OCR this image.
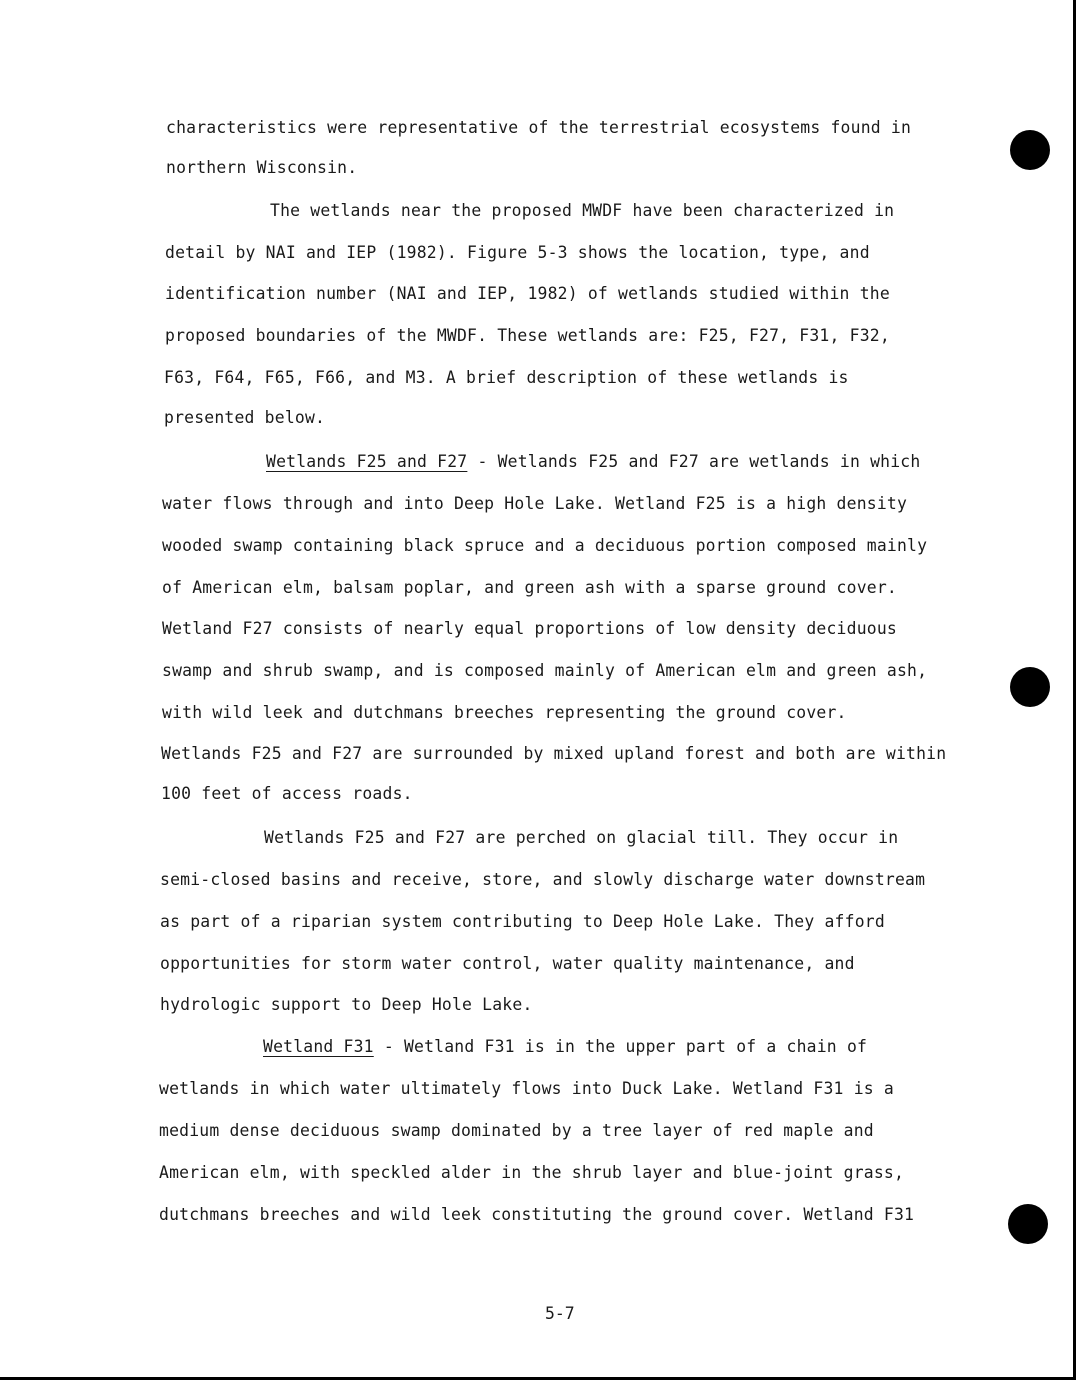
characteristics were representative of the terrestrial ecosystems found in
northern Wisconsin.
The wetlands near the proposed MWDF have been characterized in
detail by NAI and IEP (1982). Figure 5-3 shows the location, type, and
identification number (NAI and IEP, 1982) of wetlands studied within the
proposed boundaries of the MWDF. These wetlands are: F25, F27, F31, F32,
F63, F64, F65, F66, and M3. A brief description of these wetlands is
presented below.
Wetlands F25 and F27 - Wetlands F25 and F27 are wetlands in which
water flows through and into Deep Hole Lake. Wetland F25 is a high density
wooded swamp containing black spruce and a deciduous portion composed mainly
of American elm, balsam poplar, and green ash with a sparse ground cover.
Wetland F27 consists of nearly equal proportions of low density deciduous
swamp and shrub swamp, and is composed mainly of American elm and green ash,
with wild leek and dutchmans breeches representing the ground cover.
Wetlands F25 and F27 are surrounded by mixed upland forest and both are within
100 feet of access roads.
Wetlands F25 and F27 are perched on glacial till. They occur in
semi-closed basins and receive, store, and slowly discharge water downstream
as part of a riparian system contributing to Deep Hole Lake. They afford
opportunities for storm water control, water quality maintenance, and
hydrologic support to Deep Hole Lake.
Wetland F31 - Wetland F31 is in the upper part of a chain of
wetlands in which water ultimately flows into Duck Lake. Wetland F31 is a
medium dense deciduous swamp dominated by a tree layer of red maple and
American elm, with speckled alder in the shrub layer and blue-joint grass,
dutchmans breeches and wild leek constituting the ground cover. Wetland F31
5-7
